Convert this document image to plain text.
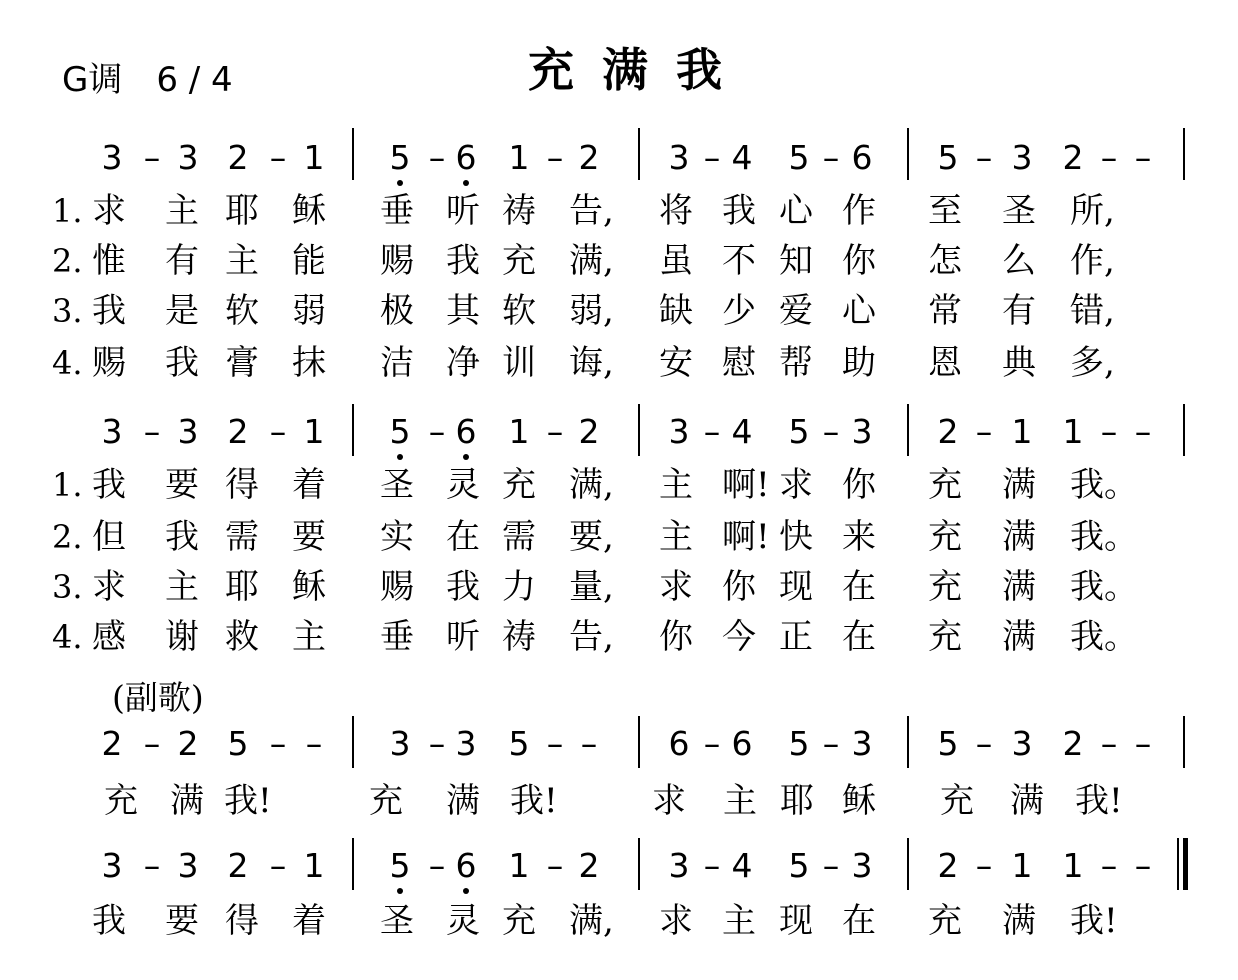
G调　6 / 4	充满我
(副歌)
3 – 3 2 – 1	5 – 6 1 – 2	3 – 4	5 – 6	5 – 3 2 – –
1. 求	主 耶 稣	垂 听 祷 告,	将 我 心 作	至	圣	所,
2. 惟	有 主 能	赐 我 充 满,	虽 不 知 你	怎	么	作,
3. 我	是 软 弱	极 其 软 弱,	缺 少 爱 心	常	有	错,
4. 赐	我 膏 抹	洁 净 训 诲,	安 慰 帮 助	恩	典	多,
3 – 3 2 – 1	5 – 6 1 – 2	3 – 4	5 – 3	2 – 1 1 – –
1. 我	要 得 着	圣 灵 充 满,	主 啊! 求 你	充	满	我。
2. 但	我 需 要	实 在 需 要,	主 啊! 快 来	充	满	我。
3. 求	主 耶 稣	赐 我 力 量,	求 你 现 在	充	满	我。
4. 感	谢 救 主	垂 听 祷 告,	你 今 正 在	充	满	我。
2 – 2 5 – –	3 – 3 5 – –	6 – 6	5 – 3	5 – 3 2 – –
充 满 我!	充	满 我!	求	主 耶 稣	充	满 我!
3 – 3 2 – 1	5 – 6 1 – 2	3 – 4	5 – 3	2 – 1 1 – –
我	要 得 着	圣 灵 充 满,	求 主 现 在	充	满	我!
